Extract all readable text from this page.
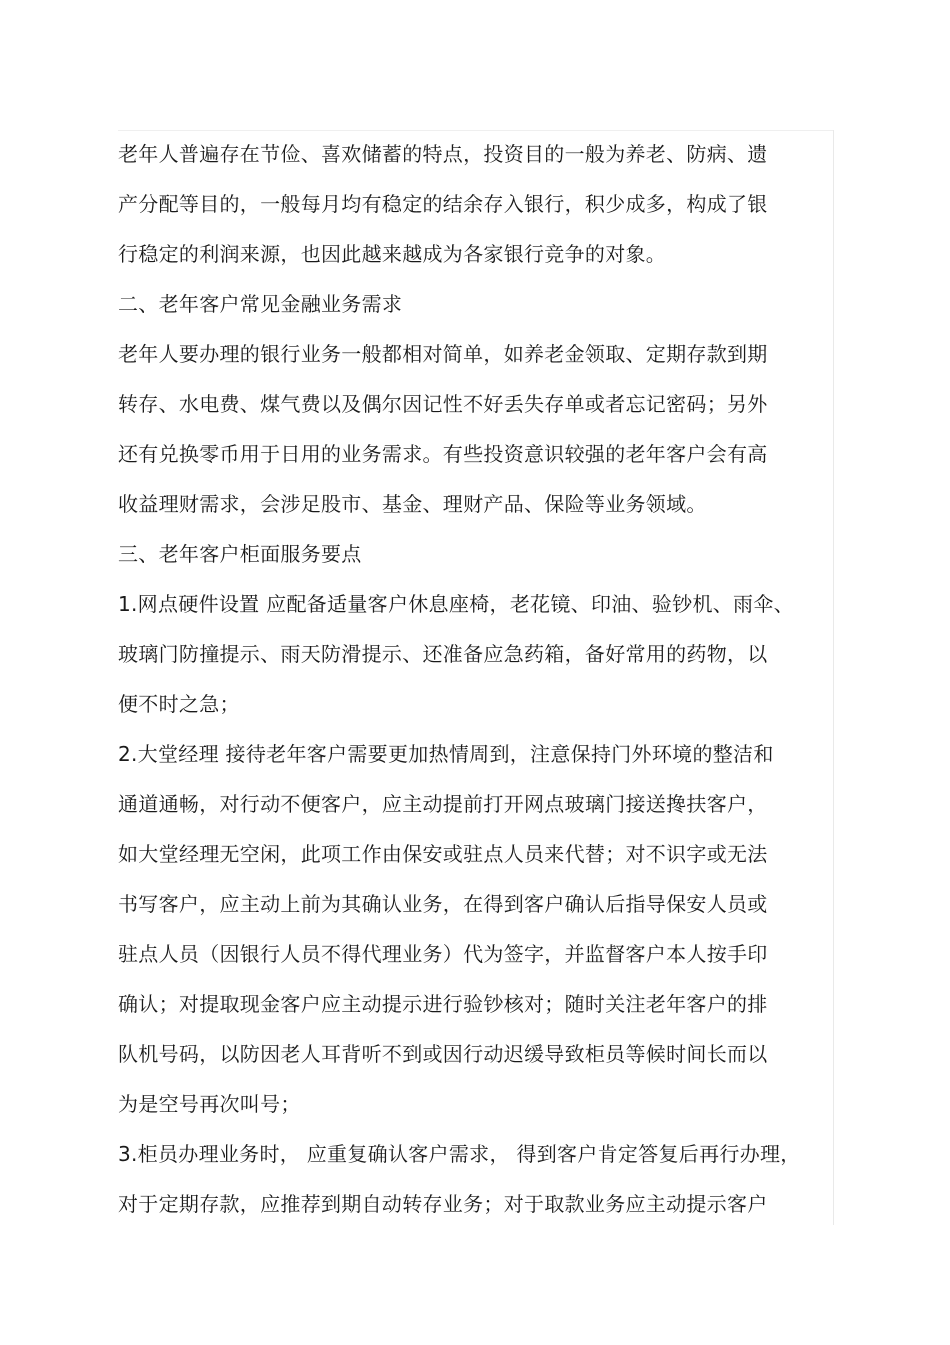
老年人普遍存在节俭、喜欢储蓄的特点，投资目的一般为养老、防病、遗
产分配等目的，一般每月均有稳定的结余存入银行，积少成多，构成了银
行稳定的利润来源，也因此越来越成为各家银行竞争的对象。
二、老年客户常见金融业务需求
老年人要办理的银行业务一般都相对简单，如养老金领取、定期存款到期
转存、水电费、煤气费以及偶尔因记性不好丢失存单或者忘记密码；另外
还有兑换零币用于日用的业务需求。有些投资意识较强的老年客户会有高
收益理财需求，会涉足股市、基金、理财产品、保险等业务领域。
三、老年客户柜面服务要点
1.网点硬件设置 应配备适量客户休息座椅，老花镜、印油、验钞机、雨伞、
玻璃门防撞提示、雨天防滑提示、还准备应急药箱，备好常用的药物，以
便不时之急；
2.大堂经理 接待老年客户需要更加热情周到，注意保持门外环境的整洁和
通道通畅，对行动不便客户，应主动提前打开网点玻璃门接送搀扶客户，
如大堂经理无空闲，此项工作由保安或驻点人员来代替；对不识字或无法
书写客户，应主动上前为其确认业务，在得到客户确认后指导保安人员或
驻点人员（因银行人员不得代理业务）代为签字，并监督客户本人按手印
确认；对提取现金客户应主动提示进行验钞核对；随时关注老年客户的排
队机号码，以防因老人耳背听不到或因行动迟缓导致柜员等候时间长而以
为是空号再次叫号；
3.柜员办理业务时， 应重复确认客户需求， 得到客户肯定答复后再行办理，
对于定期存款，应推荐到期自动转存业务；对于取款业务应主动提示客户
